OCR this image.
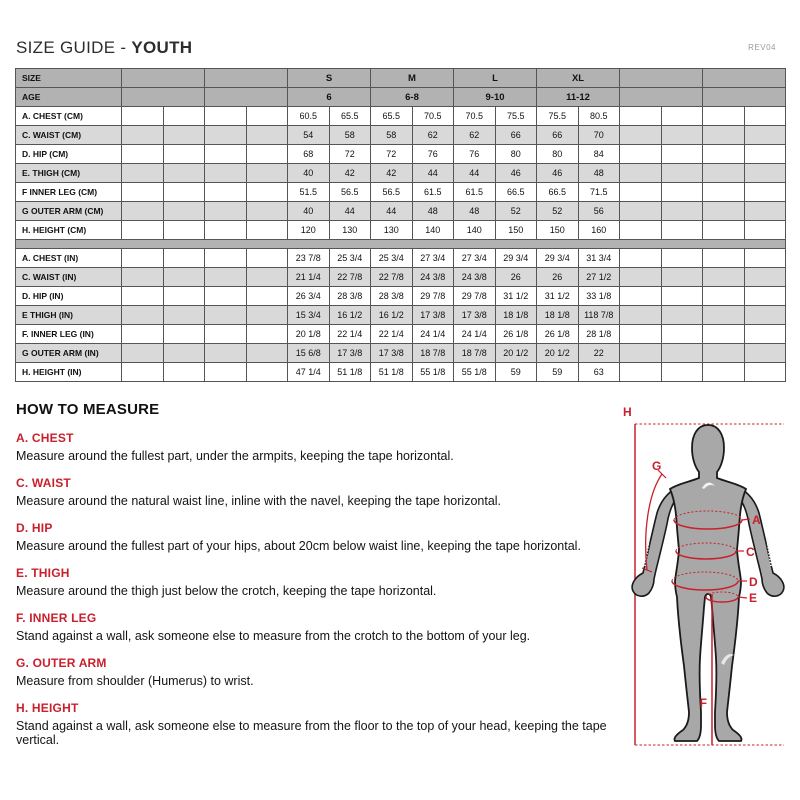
SIZE GUIDE - YOUTH	REV04
SIZE					S		M		L		XL					
AGE					6		6-8		9-10		11-12					
A. CHEST (CM)					60.5	65.5	65.5	70.5	70.5	75.5	75.5	80.5				
C. WAIST (CM)					54	58	58	62	62	66	66	70				
D. HIP (CM)					68	72	72	76	76	80	80	84				
E. THIGH (CM)					40	42	42	44	44	46	46	48				
F INNER LEG (CM)					51.5	56.5	56.5	61.5	61.5	66.5	66.5	71.5				
G OUTER ARM (CM)					40	44	44	48	48	52	52	56				
H. HEIGHT (CM)					120	130	130	140	140	150	150	160				

A. CHEST (IN)					23 7/8	25 3/4	25 3/4	27 3/4	27 3/4	29 3/4	29 3/4	31 3/4				
C. WAIST (IN)					21 1/4	22 7/8	22 7/8	24 3/8	24 3/8	26	26	27 1/2				
D. HIP (IN)					26 3/4	28 3/8	28 3/8	29 7/8	29 7/8	31 1/2	31 1/2	33 1/8				
E THIGH (IN)					15 3/4	16 1/2	16 1/2	17 3/8	17 3/8	18 1/8	18 1/8	118 7/8				
F. INNER LEG (IN)					20 1/8	22 1/4	22 1/4	24 1/4	24 1/4	26 1/8	26 1/8	28 1/8				
G OUTER ARM (IN)					15 6/8	17 3/8	17 3/8	18 7/8	18 7/8	20 1/2	20 1/2	22				
H. HEIGHT (IN)					47 1/4	51 1/8	51 1/8	55 1/8	55 1/8	59	59	63				
HOW TO MEASURE
A. CHEST

Measure around the fullest part, under the armpits, keeping the tape horizontal.

C. WAIST

Measure around the natural waist line, inline with the navel, keeping the tape horizontal.

D. HIP

Measure around the fullest part of your hips, about 20cm below waist line, keeping the tape horizontal.

E. THIGH

Measure around the thigh just below the crotch, keeping the tape horizontal.

F. INNER LEG

Stand against a wall, ask someone else to measure from the crotch to the bottom of your leg.

G. OUTER ARM

Measure from shoulder (Humerus) to wrist.

H. HEIGHT

Stand against a wall, ask someone else to measure from the floor to the top of your head, keeping the tape vertical.

H
G
A
C
D
E
F
